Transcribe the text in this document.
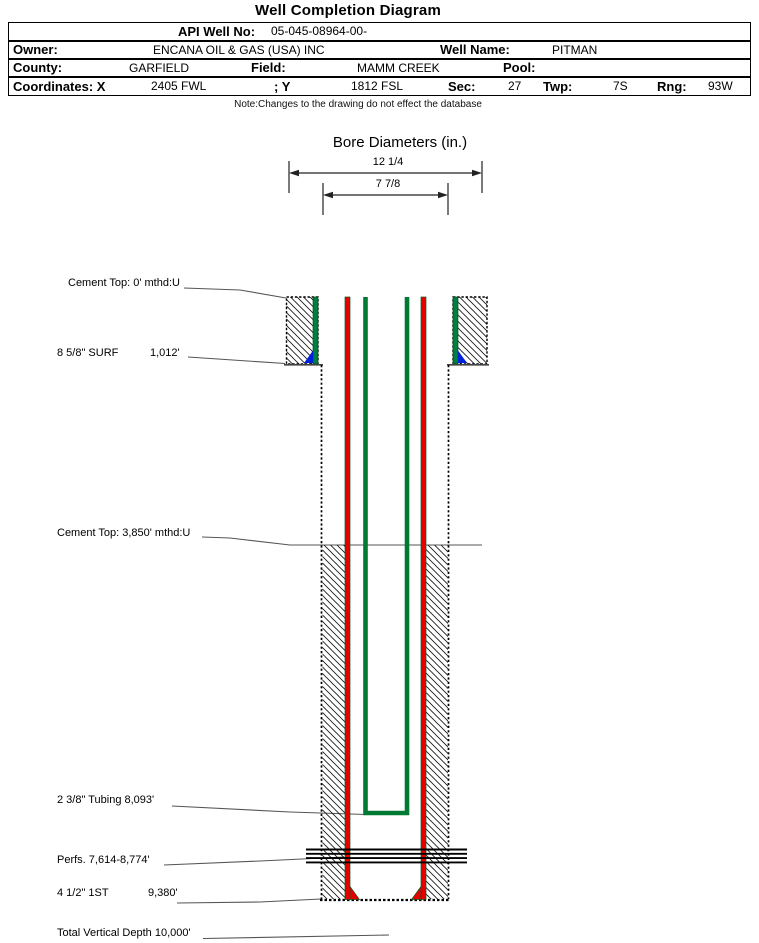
Well Completion Diagram
API Well No: 05-045-08964-00-
Owner:	ENCANA OIL & GAS (USA) INC	Well Name:	PITMAN
County:	GARFIELD	Field:	MAMM CREEK	Pool:
Coordinates: X	2405 FWL	; Y	1812 FSL	Sec:	27 Twp:	7S Rng: 93W
Note:Changes to the drawing do not effect the database
Bore Diameters (in.)
12 1/4
7 7/8
Cement Top: 0' mthd:U
8 5/8" SURF	1,012'
Cement Top: 3,850' mthd:U
2 3/8" Tubing 8,093'
Perfs. 7,614-8,774'
4 1/2" 1ST	9,380'
Total Vertical Depth 10,000'
